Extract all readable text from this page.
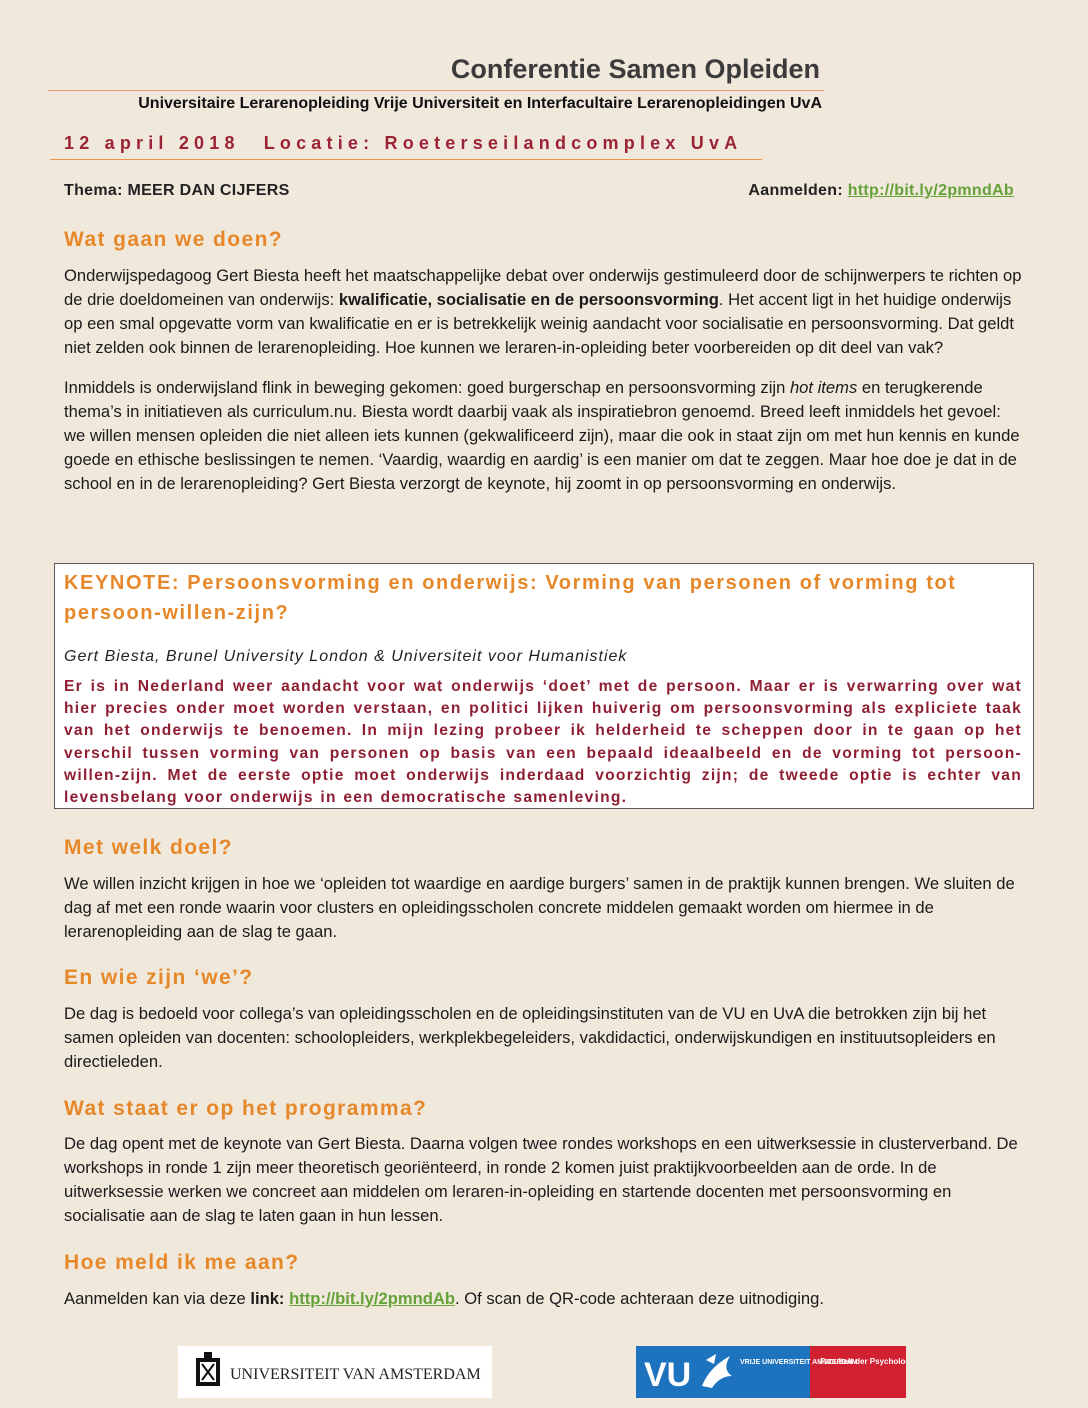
Conferentie Samen Opleiden
Universitaire Lerarenopleiding Vrije Universiteit en Interfacultaire Lerarenopleidingen UvA
12 april 2018 Locatie: Roeterseilandcomplex UvA
Thema: MEER DAN CIJFERS	Aanmelden: http://bit.ly/2pmndAb
Wat gaan we doen?

Onderwijspedagoog Gert Biesta heeft het maatschappelijke debat over onderwijs gestimuleerd door de schijnwerpers te richten op de drie doeldomeinen van onderwijs: kwalificatie, socialisatie en de persoonsvorming. Het accent ligt in het huidige onderwijs op een smal opgevatte vorm van kwalificatie en er is betrekkelijk weinig aandacht voor socialisatie en persoonsvorming. Dat geldt niet zelden ook binnen de lerarenopleiding. Hoe kunnen we leraren-in-opleiding beter voorbereiden op dit deel van vak?

Inmiddels is onderwijsland flink in beweging gekomen: goed burgerschap en persoonsvorming zijn hot items en terugkerende thema’s in initiatieven als curriculum.nu. Biesta wordt daarbij vaak als inspiratiebron genoemd. Breed leeft inmiddels het gevoel: we willen mensen opleiden die niet alleen iets kunnen (gekwalificeerd zijn), maar die ook in staat zijn om met hun kennis en kunde goede en ethische beslissingen te nemen. ‘Vaardig, waardig en aardig’ is een manier om dat te zeggen. Maar hoe doe je dat in de school en in de lerarenopleiding? Gert Biesta verzorgt de keynote, hij zoomt in op persoonsvorming en onderwijs.

KEYNOTE: Persoonsvorming en onderwijs: Vorming van personen of vorming tot persoon-willen-zijn?
Gert Biesta, Brunel University London & Universiteit voor Humanistiek
Er is in Nederland weer aandacht voor wat onderwijs ‘doet’ met de persoon. Maar er is verwarring over wat hier precies onder moet worden verstaan, en politici lijken huiverig om persoonsvorming als expliciete taak van het onderwijs te benoemen. In mijn lezing probeer ik helderheid te scheppen door in te gaan op het verschil tussen vorming van personen op basis van een bepaald ideaalbeeld en de vorming tot persoon-willen-zijn. Met de eerste optie moet onderwijs inderdaad voorzichtig zijn; de tweede optie is echter van levensbelang voor onderwijs in een democratische samenleving.
Met welk doel?

We willen inzicht krijgen in hoe we ‘opleiden tot waardige en aardige burgers’ samen in de praktijk kunnen brengen. We sluiten de dag af met een ronde waarin voor clusters en opleidingsscholen concrete middelen gemaakt worden om hiermee in de lerarenopleiding aan de slag te gaan.

En wie zijn ‘we’?

De dag is bedoeld voor collega’s van opleidingsscholen en de opleidingsinstituten van de VU en UvA die betrokken zijn bij het samen opleiden van docenten: schoolopleiders, werkplekbegeleiders, vakdidactici, onderwijskundigen en instituutsopleiders en directieleden.

Wat staat er op het programma?

De dag opent met de keynote van Gert Biesta. Daarna volgen twee rondes workshops en een uitwerksessie in clusterverband. De workshops in ronde 1 zijn meer theoretisch georiënteerd, in ronde 2 komen juist praktijkvoorbeelden aan de orde. In de uitwerksessie werken we concreet aan middelen om leraren-in-opleiding en startende docenten met persoonsvorming en socialisatie aan de slag te laten gaan in hun lessen.

Hoe meld ik me aan?

Aanmelden kan via deze link: http://bit.ly/2pmndAb. Of scan de QR-code achteraan deze uitnodiging.

UNIVERSITEIT VAN AMSTERDAM	VU	VRIJE UNIVERSITEIT AMSTERDAM
Faculteit der Psycholo
